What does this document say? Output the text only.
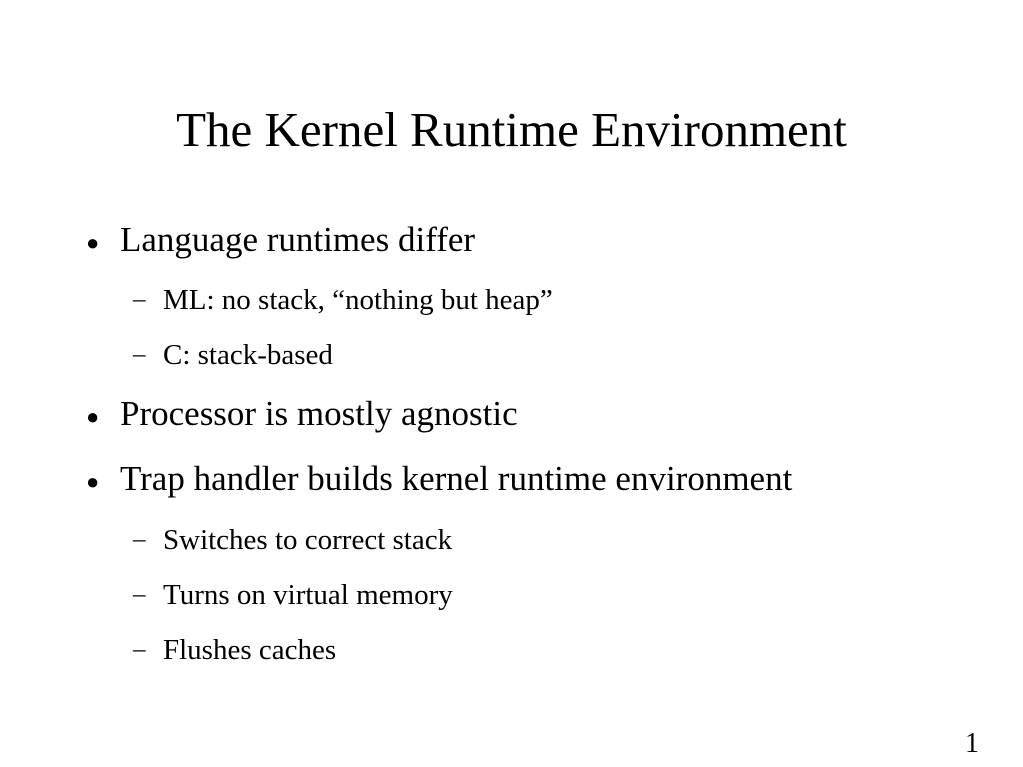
The Kernel Runtime Environment
● Language runtimes differ
– ML: no stack, “nothing but heap”
– C: stack-based
● Processor is mostly agnostic
● Trap handler builds kernel runtime environment
– Switches to correct stack
– Turns on virtual memory
– Flushes caches
1
